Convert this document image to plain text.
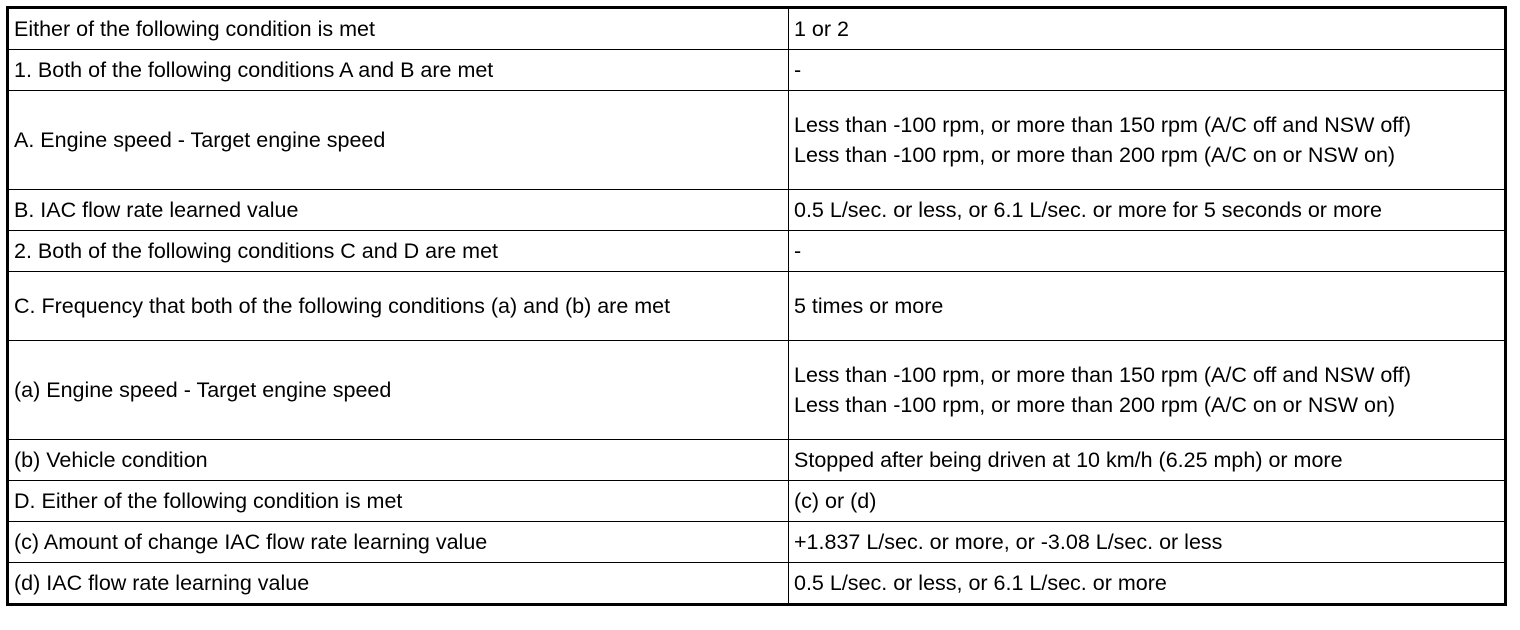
Either of the following condition is met	1 or 2
1. Both of the following conditions A and B are met	-
A. Engine speed - Target engine speed	Less than -100 rpm, or more than 150 rpm (A/C off and NSW off)
Less than -100 rpm, or more than 200 rpm (A/C on or NSW on)
B. IAC flow rate learned value	0.5 L/sec. or less, or 6.1 L/sec. or more for 5 seconds or more
2. Both of the following conditions C and D are met	-
C. Frequency that both of the following conditions (a) and (b) are met	5 times or more
(a) Engine speed - Target engine speed	Less than -100 rpm, or more than 150 rpm (A/C off and NSW off)
Less than -100 rpm, or more than 200 rpm (A/C on or NSW on)
(b) Vehicle condition	Stopped after being driven at 10 km/h (6.25 mph) or more
D. Either of the following condition is met	(c) or (d)
(c) Amount of change IAC flow rate learning value	+1.837 L/sec. or more, or -3.08 L/sec. or less
(d) IAC flow rate learning value	0.5 L/sec. or less, or 6.1 L/sec. or more
